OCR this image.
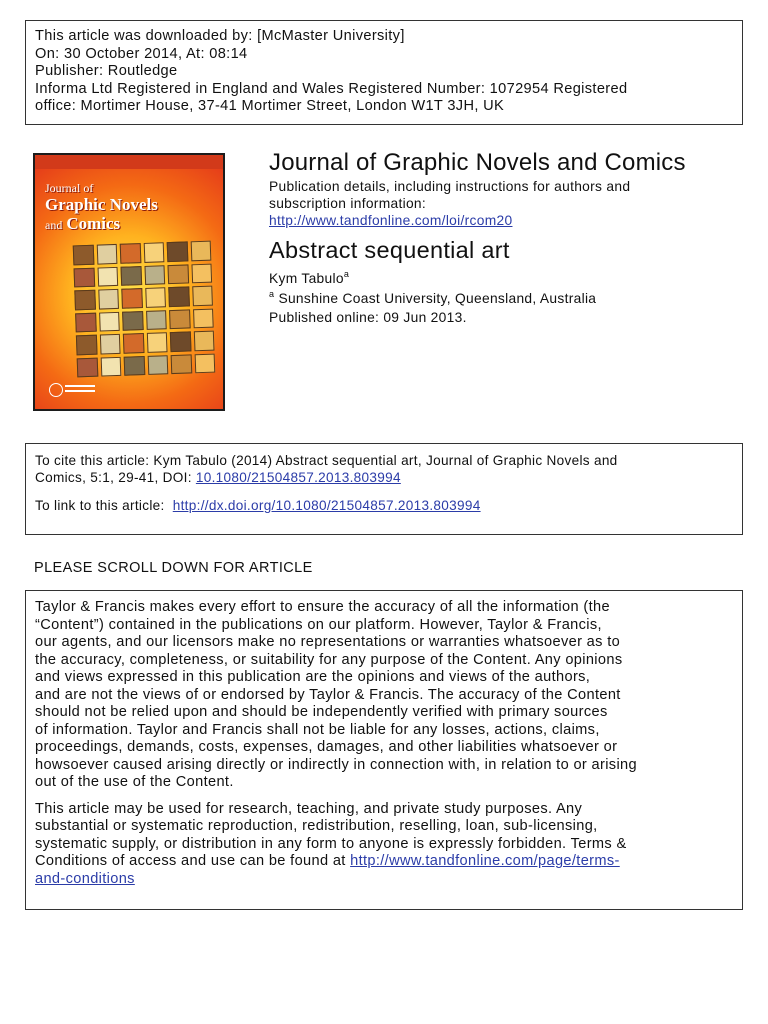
This article was downloaded by: [McMaster University]
On: 30 October 2014, At: 08:14
Publisher: Routledge
Informa Ltd Registered in England and Wales Registered Number: 1072954 Registered
office: Mortimer House, 37-41 Mortimer Street, London W1T 3JH, UK
Journal of
Graphic Novels
and Comics
Journal of Graphic Novels and Comics
Publication details, including instructions for authors and
subscription information:
http://www.tandfonline.com/loi/rcom20
Abstract sequential art
Kym Tabulo$^a$
$^a$ Sunshine Coast University, Queensland, Australia
Published online: 09 Jun 2013.
To cite this article: Kym Tabulo (2014) Abstract sequential art, Journal of Graphic Novels and
Comics, 5:1, 29-41, DOI: 10.1080/21504857.2013.803994
To link to this article:  http://dx.doi.org/10.1080/21504857.2013.803994
PLEASE SCROLL DOWN FOR ARTICLE
Taylor & Francis makes every effort to ensure the accuracy of all the information (the
“Content”) contained in the publications on our platform. However, Taylor & Francis,
our agents, and our licensors make no representations or warranties whatsoever as to
the accuracy, completeness, or suitability for any purpose of the Content. Any opinions
and views expressed in this publication are the opinions and views of the authors,
and are not the views of or endorsed by Taylor & Francis. The accuracy of the Content
should not be relied upon and should be independently verified with primary sources
of information. Taylor and Francis shall not be liable for any losses, actions, claims,
proceedings, demands, costs, expenses, damages, and other liabilities whatsoever or
howsoever caused arising directly or indirectly in connection with, in relation to or arising
out of the use of the Content.
This article may be used for research, teaching, and private study purposes. Any
substantial or systematic reproduction, redistribution, reselling, loan, sub-licensing,
systematic supply, or distribution in any form to anyone is expressly forbidden. Terms &
Conditions of access and use can be found at http://www.tandfonline.com/page/terms-
and-conditions
